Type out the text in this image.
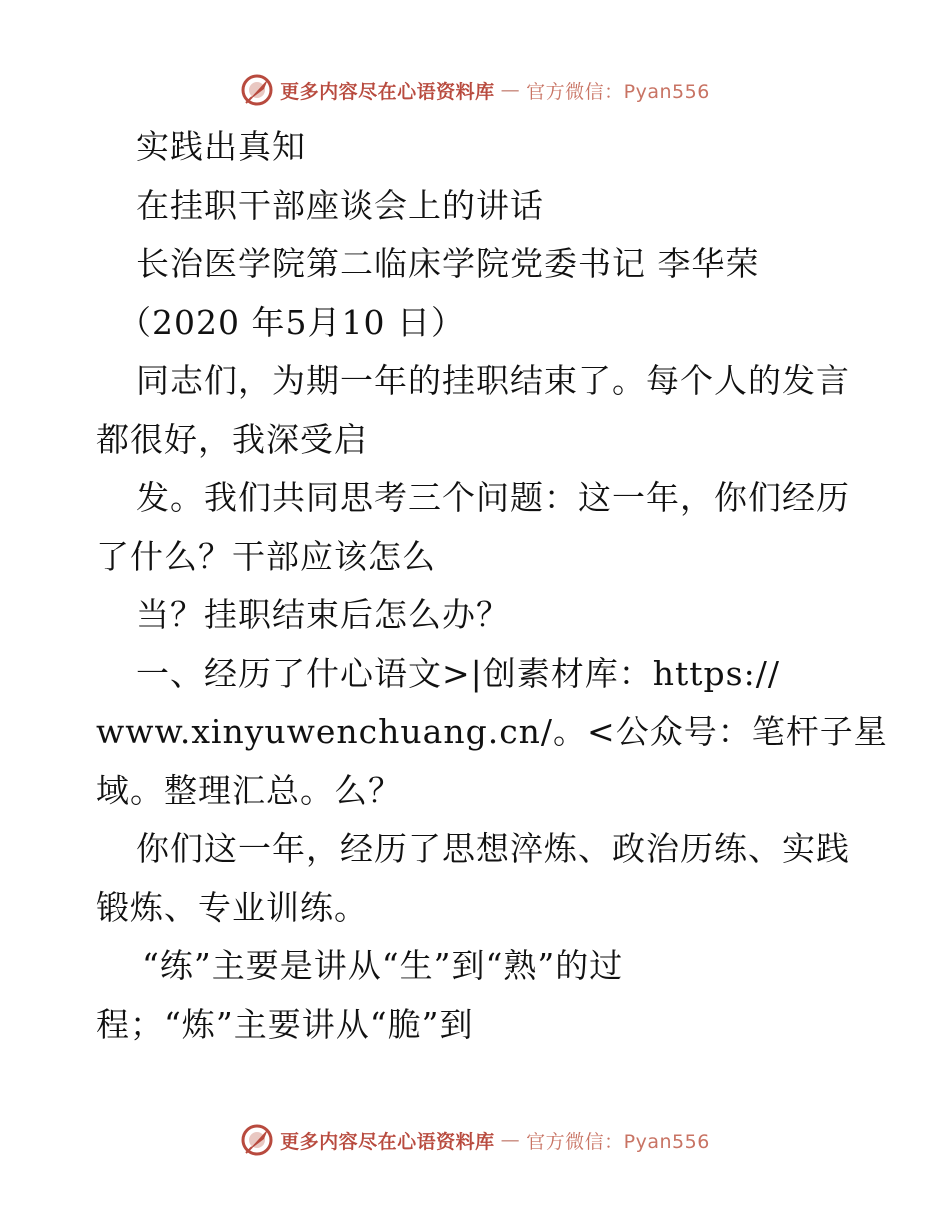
更多内容尽在心语资料库 — 官方微信：Pyan556
实践出真知
在挂职干部座谈会上的讲话
长治医学院第二临床学院党委书记 李华荣
（2020 年5月10 日）
同志们，为期一年的挂职结束了。每个人的发言
都很好，我深受启
发。我们共同思考三个问题：这一年，你们经历
了什么？干部应该怎么
当？挂职结束后怎么办？
一、经历了什心语文>|创素材库：https://
www.xinyuwenchuang.cn/。<公众号：笔杆子星
域。整理汇总。么？
你们这一年，经历了思想淬炼、政治历练、实践
锻炼、专业训练。
“练”主要是讲从“生”到“熟”的过
程；“炼”主要讲从“脆”到
更多内容尽在心语资料库 — 官方微信：Pyan556
